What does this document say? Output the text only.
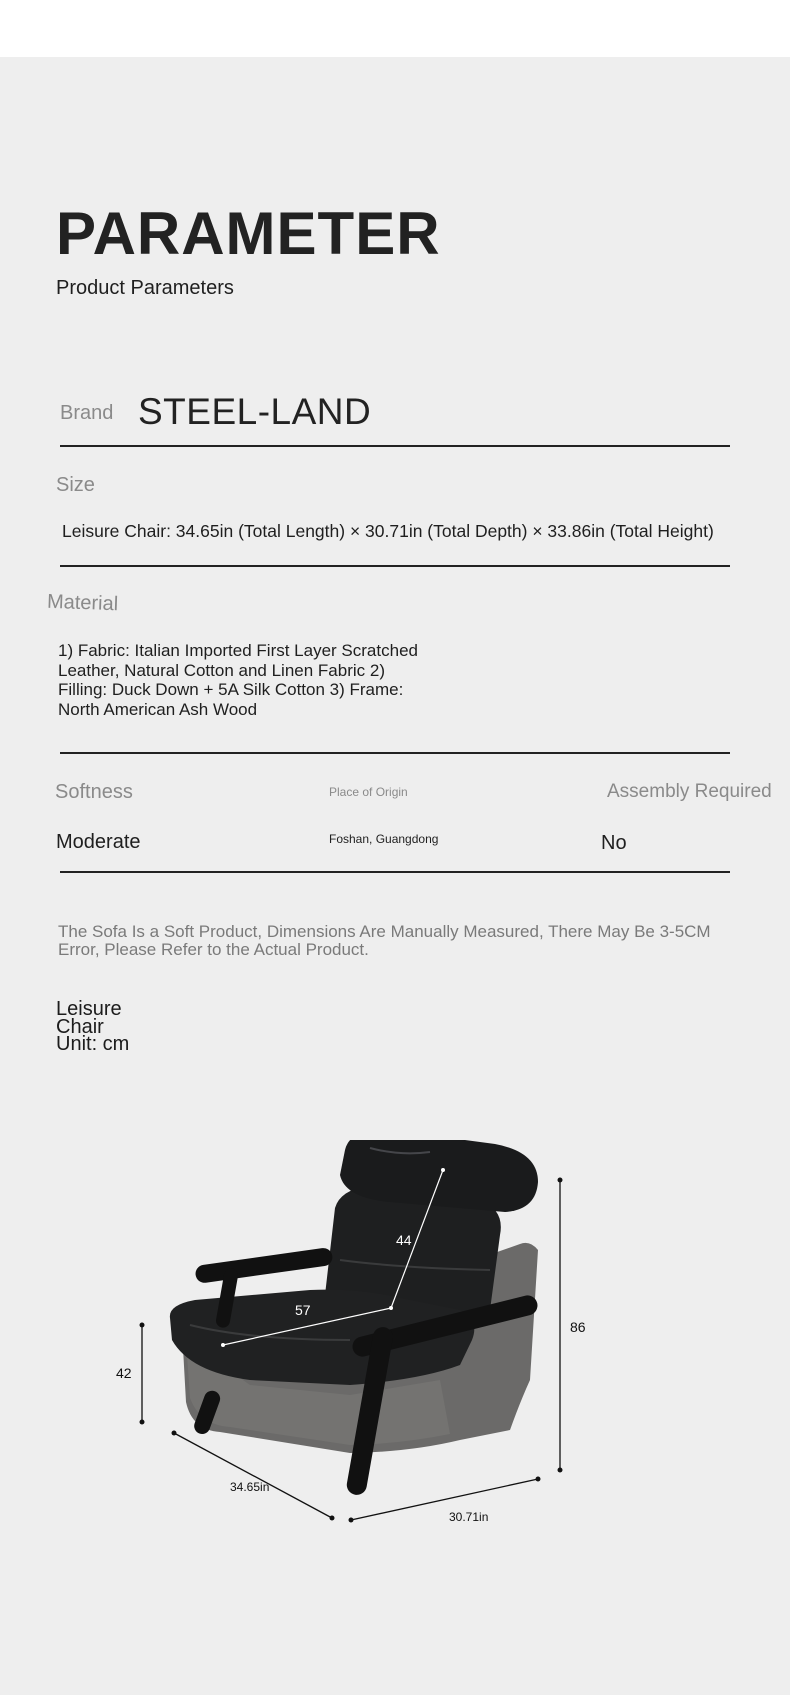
PARAMETER
Product Parameters
Brand STEEL-LAND
Size
Leisure Chair: 34.65in (Total Length) × 30.71in (Total Depth) × 33.86in (Total Height)
Material
1) Fabric: Italian Imported First Layer Scratched Leather, Natural Cotton and Linen Fabric 2) Filling: Duck Down + 5A Silk Cotton 3) Frame: North American Ash Wood
Softness	Place of Origin	Assembly Required
Moderate	Foshan, Guangdong	No
The Sofa Is a Soft Product, Dimensions Are Manually Measured, There May Be 3-5CM Error, Please Refer to the Actual Product.
Leisure Chair Unit: cm
44
57
42
86
34.65in
30.71in
